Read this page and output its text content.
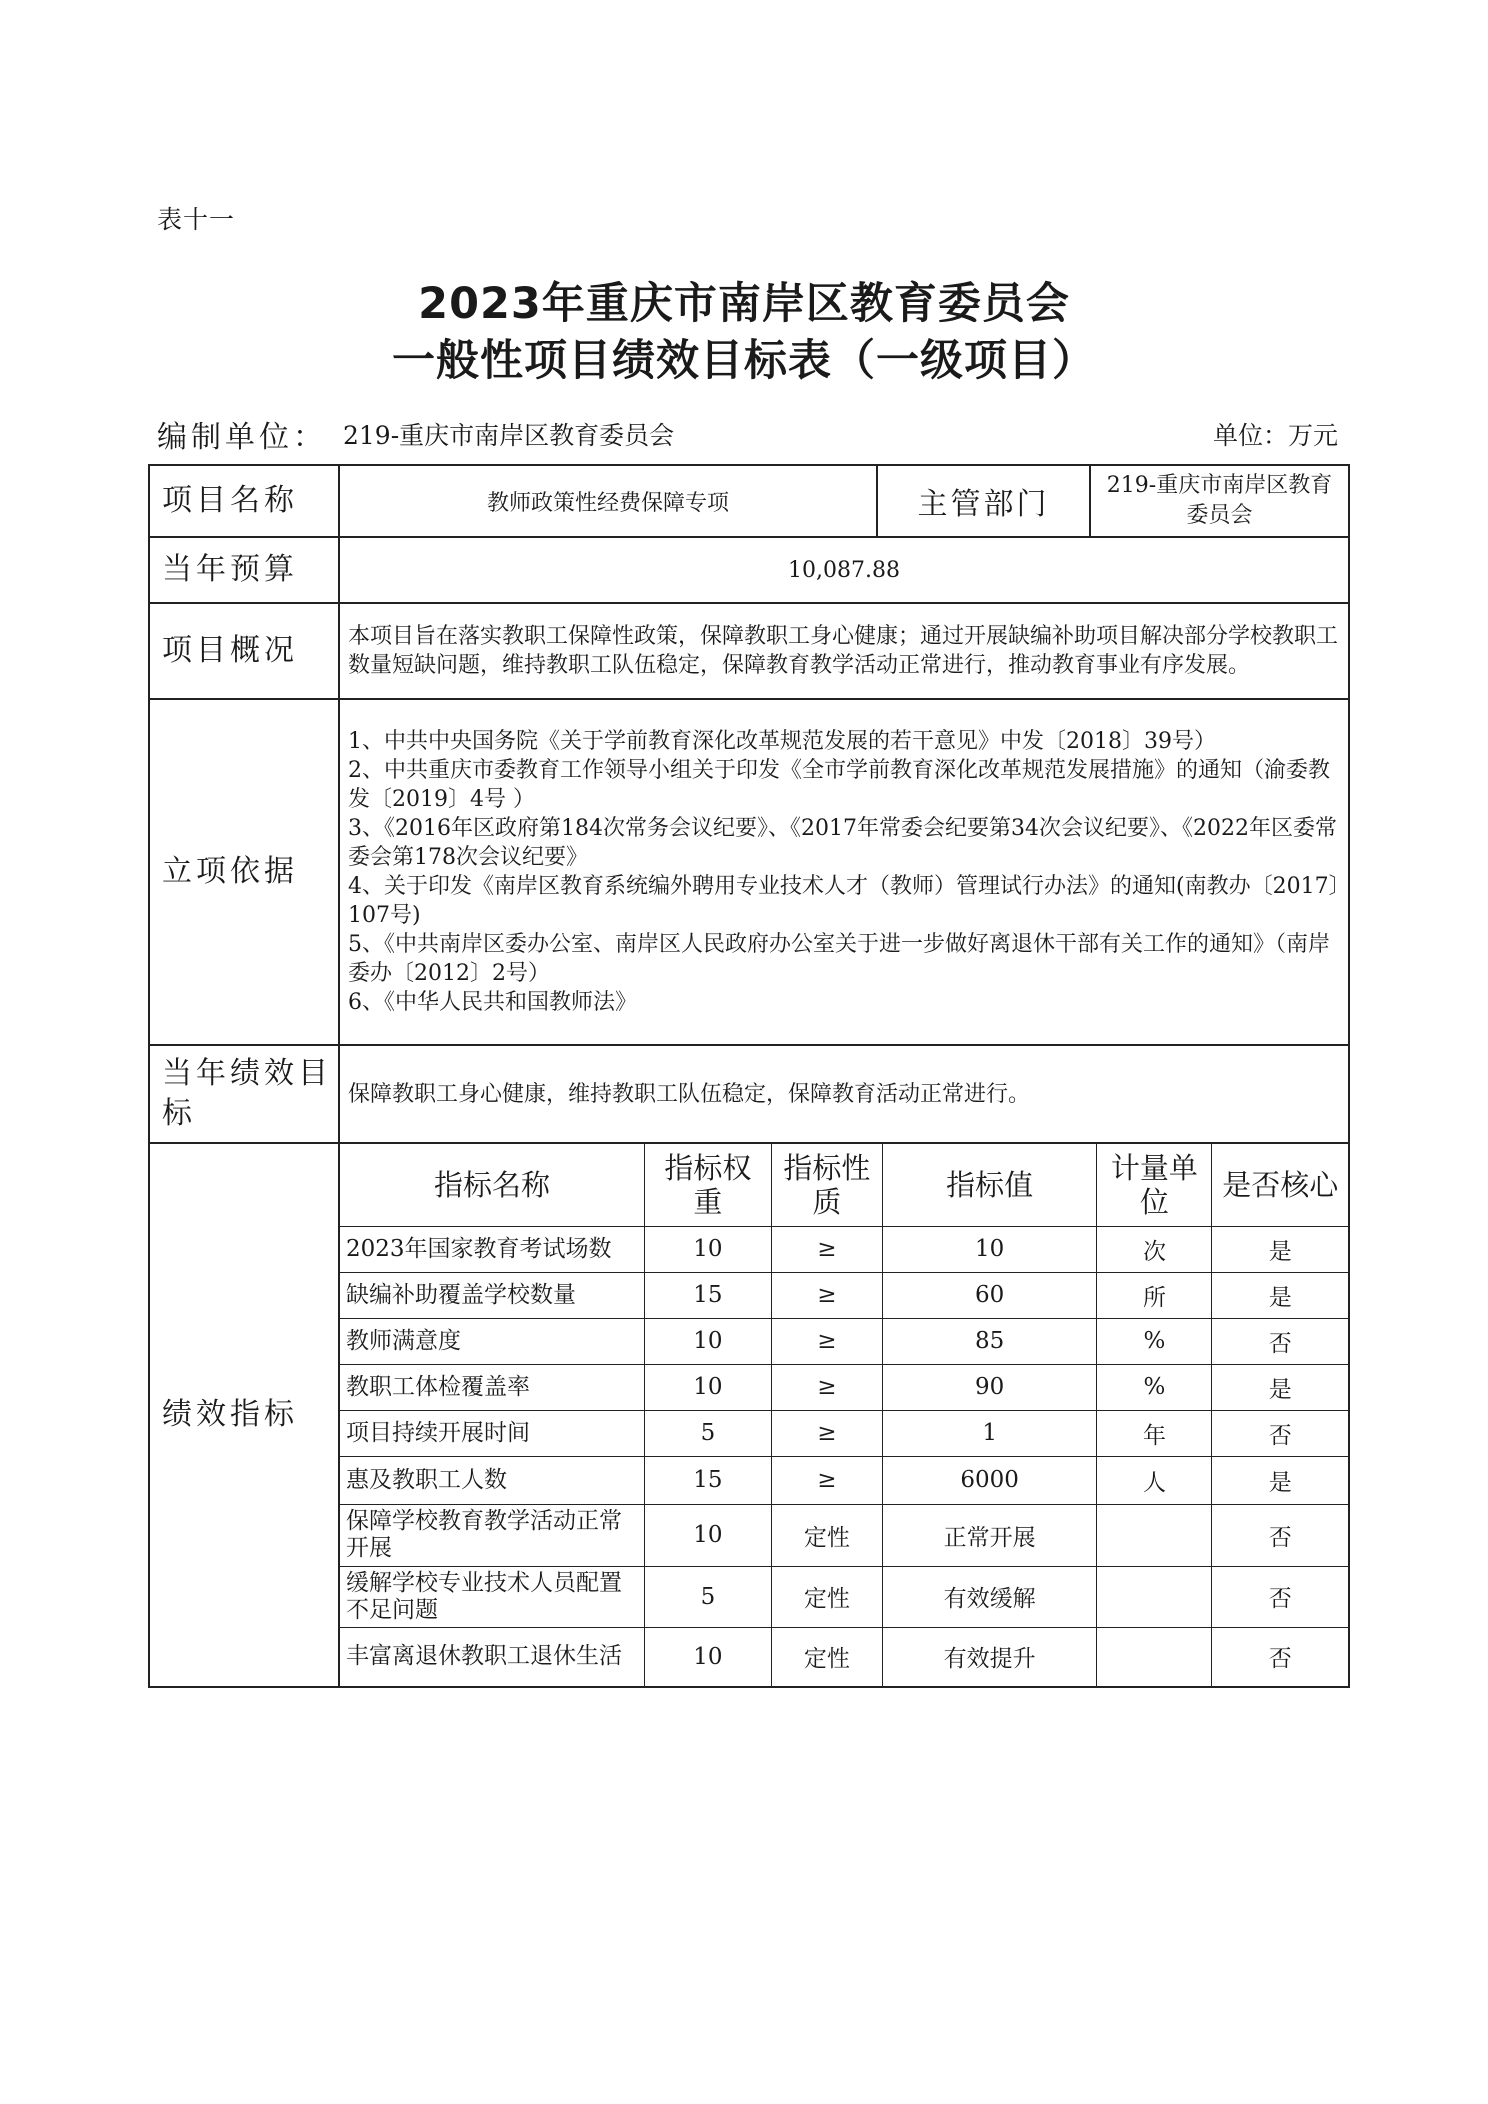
表十一
2023年重庆市南岸区教育委员会
一般性项目绩效目标表（一级项目）
编制单位： 219-重庆市南岸区教育委员会	单位：万元
项目名称	教师政策性经费保障专项	主管部门	219-重庆市南岸区教育委员会
当年预算	10,087.88
项目概况	本项目旨在落实教职工保障性政策，保障教职工身心健康；通过开展缺编补助项目解决部分学校教职工数量短缺问题，维持教职工队伍稳定，保障教育教学活动正常进行，推动教育事业有序发展。
立项依据	
1、中共中央国务院《关于学前教育深化改革规范发展的若干意见》中发〔2018〕39号）
2、中共重庆市委教育工作领导小组关于印发《全市学前教育深化改革规范发展措施》的通知（渝委教发〔2019〕4号 ）
3、《2016年区政府第184次常务会议纪要》、《2017年常委会纪要第34次会议纪要》、《2022年区委常委会第178次会议纪要》
4、关于印发《南岸区教育系统编外聘用专业技术人才（教师）管理试行办法》的通知(南教办〔2017〕107号)
5、《中共南岸区委办公室、南岸区人民政府办公室关于进一步做好离退休干部有关工作的通知》（南岸委办〔2012〕2号）
6、《中华人民共和国教师法》

当年绩效目标	保障教职工身心健康，维持教职工队伍稳定，保障教育活动正常进行。
绩效指标	
指标名称	指标权重	指标性质	指标值	计量单位	是否核心
2023年国家教育考试场数	10	≥	10	次	是
缺编补助覆盖学校数量	15	≥	60	所	是
教师满意度	10	≥	85	%	否
教职工体检覆盖率	10	≥	90	%	是
项目持续开展时间	5	≥	1	年	否
惠及教职工人数	15	≥	6000	人	是
保障学校教育教学活动正常开展	10	定性	正常开展		否
缓解学校专业技术人员配置不足问题	5	定性	有效缓解		否
丰富离退休教职工退休生活	10	定性	有效提升		否
